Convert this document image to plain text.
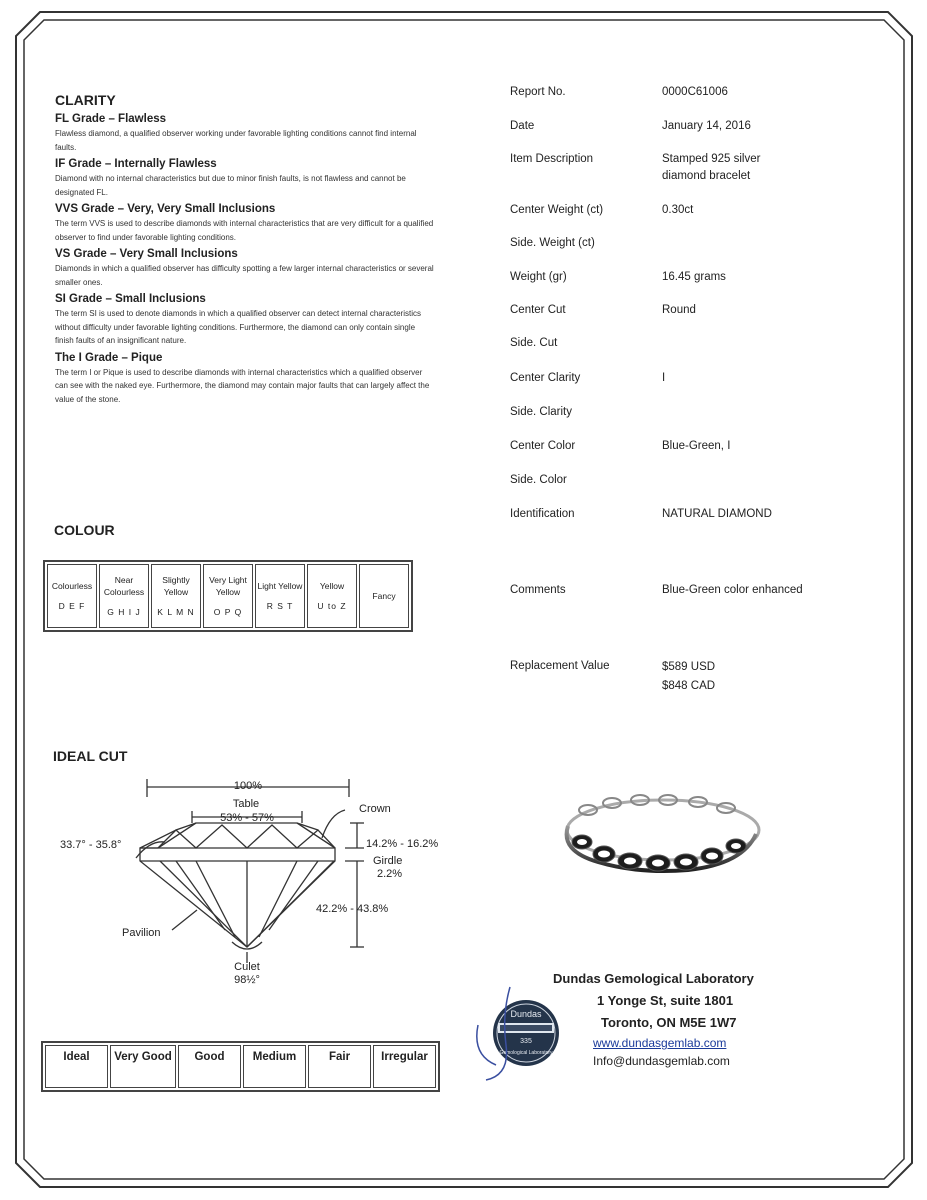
CLARITY
FL Grade – Flawless
Flawless diamond, a qualified observer working under favorable lighting conditions cannot find internal faults.
IF Grade – Internally Flawless
Diamond with no internal characteristics but due to minor finish faults, is not flawless and cannot be designated FL.
VVS Grade – Very, Very Small Inclusions
The term VVS is used to describe diamonds with internal characteristics that are very difficult for a qualified observer to find under favorable lighting conditions.
VS Grade – Very Small Inclusions
Diamonds in which a qualified observer has difficulty spotting a few larger internal characteristics or several smaller ones.
SI Grade – Small Inclusions
The term SI is used to denote diamonds in which a qualified observer can detect internal characteristics without difficulty under favorable lighting conditions. Furthermore, the diamond can only contain single finish faults of an insignificant nature.
The I Grade – Pique
The term I or Pique is used to describe diamonds with internal characteristics which a qualified observer can see with the naked eye. Furthermore, the diamond may contain major faults that can largely affect the value of the stone.
COLOUR
Colourless
D E F
	Near Colourless
G H I J
	Slightly Yellow
K L M N
	Very Light Yellow
O P Q
	Light Yellow
R S T
	Yellow
U to Z
	Fancy
IDEAL CUT
100%
Table
53% - 57%
Crown
33.7° - 35.8°	14.2% - 16.2%
Girdle
2.2%
42.2% - 43.8%
Pavilion
Culet
98½°
Ideal	Very Good	Good	Medium	Fair	Irregular
Report No.	0000C61006
Date	January 14, 2016
Item Description	Stamped 925 silver
diamond bracelet
Center Weight (ct)	0.30ct
Side. Weight (ct)
Weight (gr)	16.45 grams
Center Cut	Round
Side. Cut
Center Clarity	I
Side. Clarity
Center Color	Blue-Green, I
Side. Color
Identification	NATURAL DIAMOND
Comments	Blue-Green color enhanced
Replacement Value	$589 USD
$848 CAD
Dundas
335
Gemological Laboratory
Dundas Gemological Laboratory
1 Yonge St, suite 1801
Toronto, ON M5E 1W7
www.dundasgemlab.com
Info@dundasgemlab.com
